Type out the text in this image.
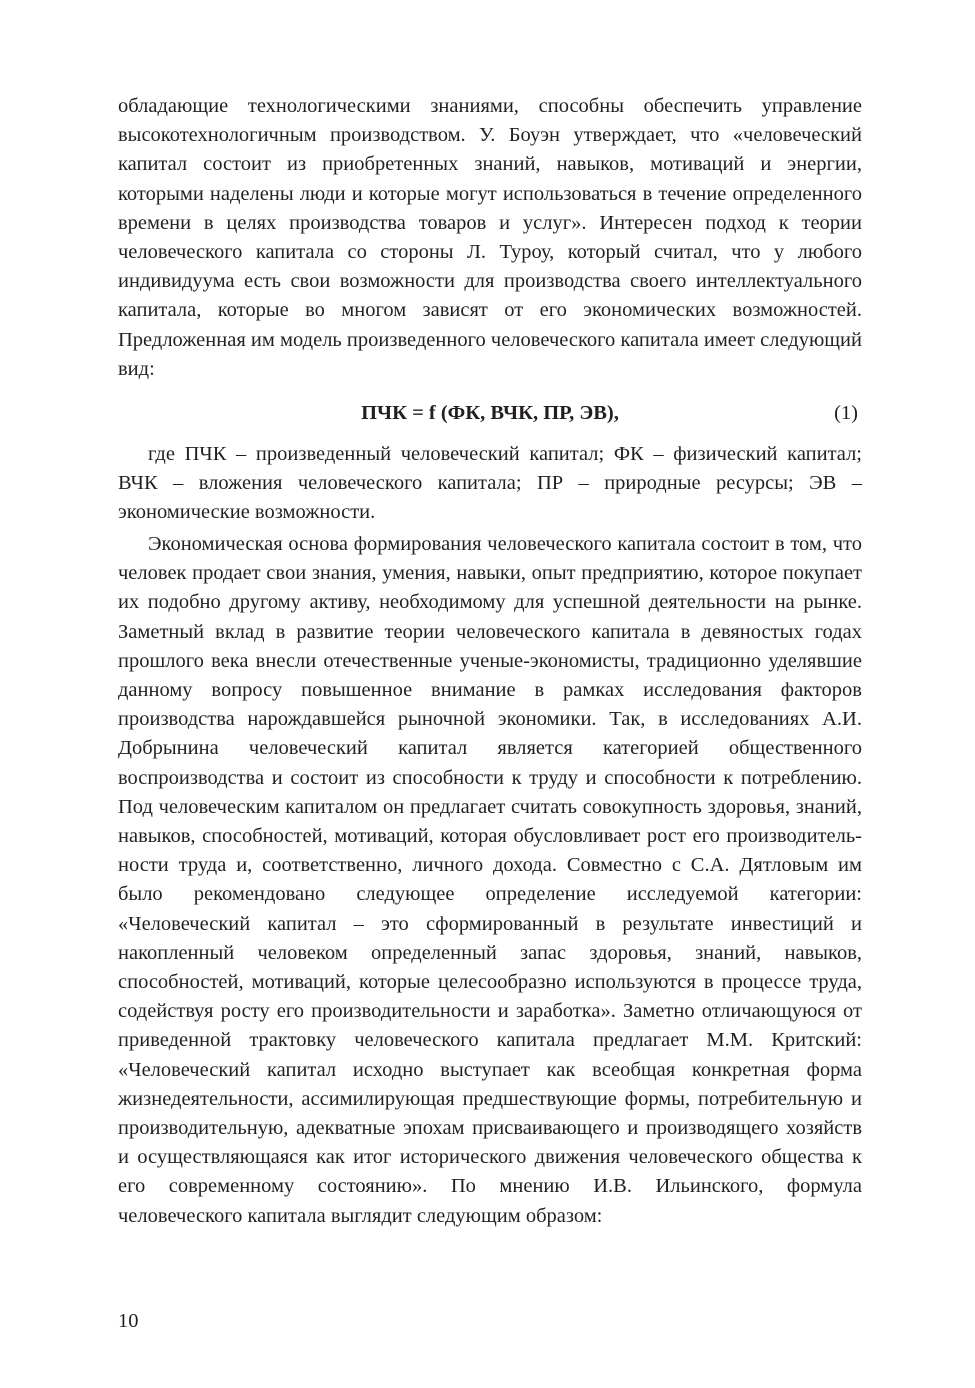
обладающие технологическими знаниями, способны обеспечить управление высокотехнологичным производством. У. Боуэн утверждает, что «человеческий капитал состоит из приобретенных знаний, навыков, мотиваций и энергии, которыми наделены люди и которые могут использоваться в течение определенного времени в целях производства товаров и услуг». Интересен подход к теории человеческого капитала со стороны Л. Туроу, который считал, что у любого индивидуума есть свои возможности для производства своего интеллектуального капитала, которые во многом зависят от его экономических возможностей. Предложенная им модель произведенного человеческого капитала имеет следующий вид:

ПЧК = f (ФК, ВЧК, ПР, ЭВ),	(1)

где ПЧК – произведенный человеческий капитал; ФК – физический капитал; ВЧК – вложения человеческого капитала; ПР – природные ресурсы; ЭВ – экономические возможности.

Экономическая основа формирования человеческого капитала состоит в том, что человек продает свои знания, умения, навыки, опыт предприятию, которое покупает их подобно другому активу, необходимому для успешной деятельности на рынке. Заметный вклад в развитие теории человеческого капитала в девяностых годах прошлого века внесли отечественные ученые-экономисты, традиционно уделявшие данному вопросу повышенное внимание в рамках исследования факторов производства нарождавшейся рыночной экономики. Так, в исследованиях А.И. Добрынина человеческий капитал является категорией общественного воспроизводства и состоит из способности к труду и способности к потреблению. Под человеческим капиталом он предлагает считать совокупность здоровья, знаний, навыков, способностей, мотиваций, которая обусловливает рост его производительности труда и, соответственно, личного дохода. Совместно с С.А. Дятловым им было рекомендовано следующее определение исследуемой категории: «Человеческий капитал – это сформированный в результате инвестиций и накопленный человеком определенный запас здоровья, знаний, навыков, способностей, мотиваций, которые целесообразно используются в процессе труда, содействуя росту его производительности и заработка». Заметно отличающуюся от приведенной трактовку человеческого капитала предлагает М.М. Критский: «Человеческий капитал исходно выступает как всеобщая конкретная форма жизнедеятельности, ассимилирующая предшествующие формы, потребительную и производительную, адекватные эпохам присваивающего и производящего хозяйств и осуществляющаяся как итог исторического движения человеческого общества к его современному состоянию». По мнению И.В. Ильинского, формула человеческого капитала выглядит следующим образом:

10
